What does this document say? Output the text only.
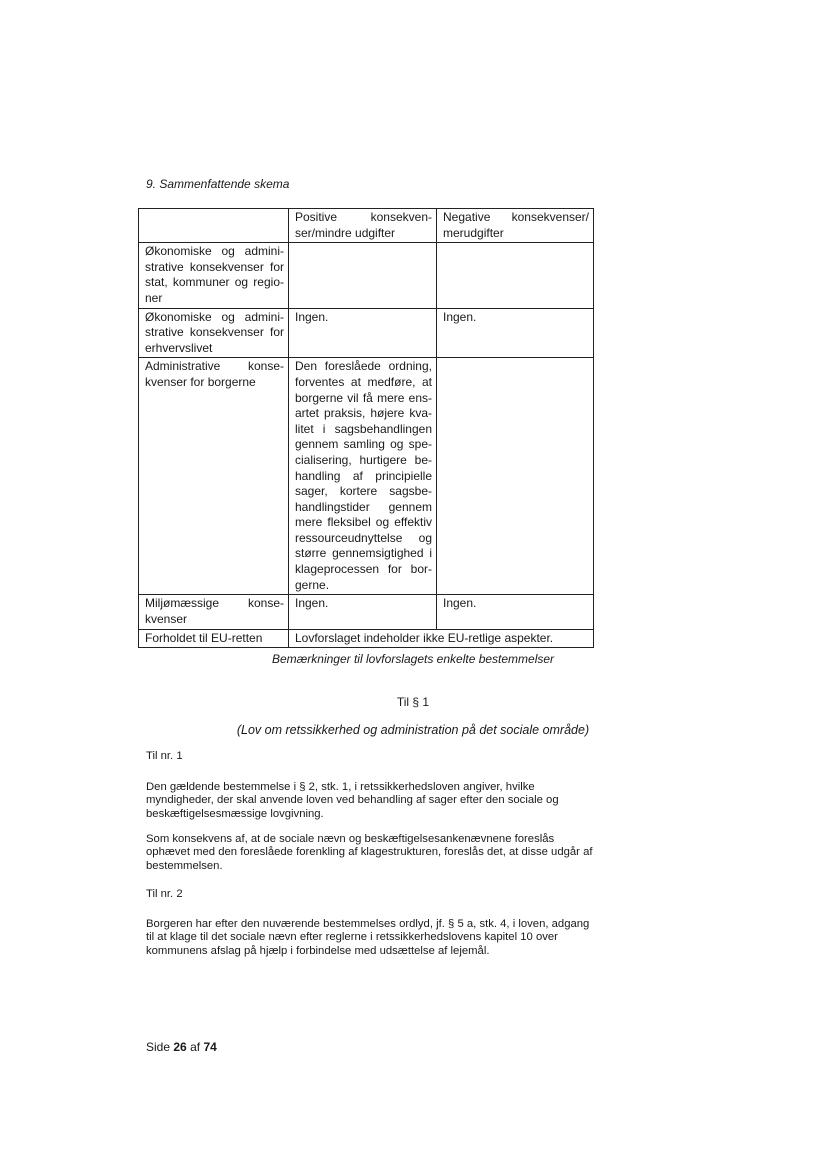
9. Sammenfattende skema
	Positive konsekvenser/mindre udgifter	Negative konsekvenser/ merudgifter
Økonomiske og administrative konsekvenser for stat, kommuner og regioner		
Økonomiske og administrative konsekvenser for erhvervslivet	Ingen.	Ingen.
Administrative konsekvenser for borgerne	Den foreslåede ordning, forventes at medføre, at borgerne vil få mere ensartet praksis, højere kvalitet i sagsbehandlingen gennem samling og specialisering, hurtigere behandling af principielle sager, kortere sagsbehandlingstider gennem mere fleksibel og effektiv ressourceudnyttelse og større gennemsigtighed i klageprocessen for borgerne.	
Miljømæssige konsekvenser	Ingen.	Ingen.
Forholdet til EU-retten	Lovforslaget indeholder ikke EU-retlige aspekter.	
Bemærkninger til lovforslagets enkelte bestemmelser
Til § 1
(Lov om retssikkerhed og administration på det sociale område)
Til nr. 1
Den gældende bestemmelse i § 2, stk. 1, i retssikkerhedsloven angiver, hvilke myndigheder, der skal anvende loven ved behandling af sager efter den sociale og beskæftigelsesmæssige lovgivning.
Som konsekvens af, at de sociale nævn og beskæftigelsesankenævnene foreslås ophævet med den foreslåede forenkling af klagestrukturen, foreslås det, at disse udgår af bestemmelsen.
Til nr. 2
Borgeren har efter den nuværende bestemmelses ordlyd, jf. § 5 a, stk. 4, i loven, adgang til at klage til det sociale nævn efter reglerne i retssikkerhedslovens kapitel 10 over kommunens afslag på hjælp i forbindelse med udsættelse af lejemål.
Side 26 af 74
